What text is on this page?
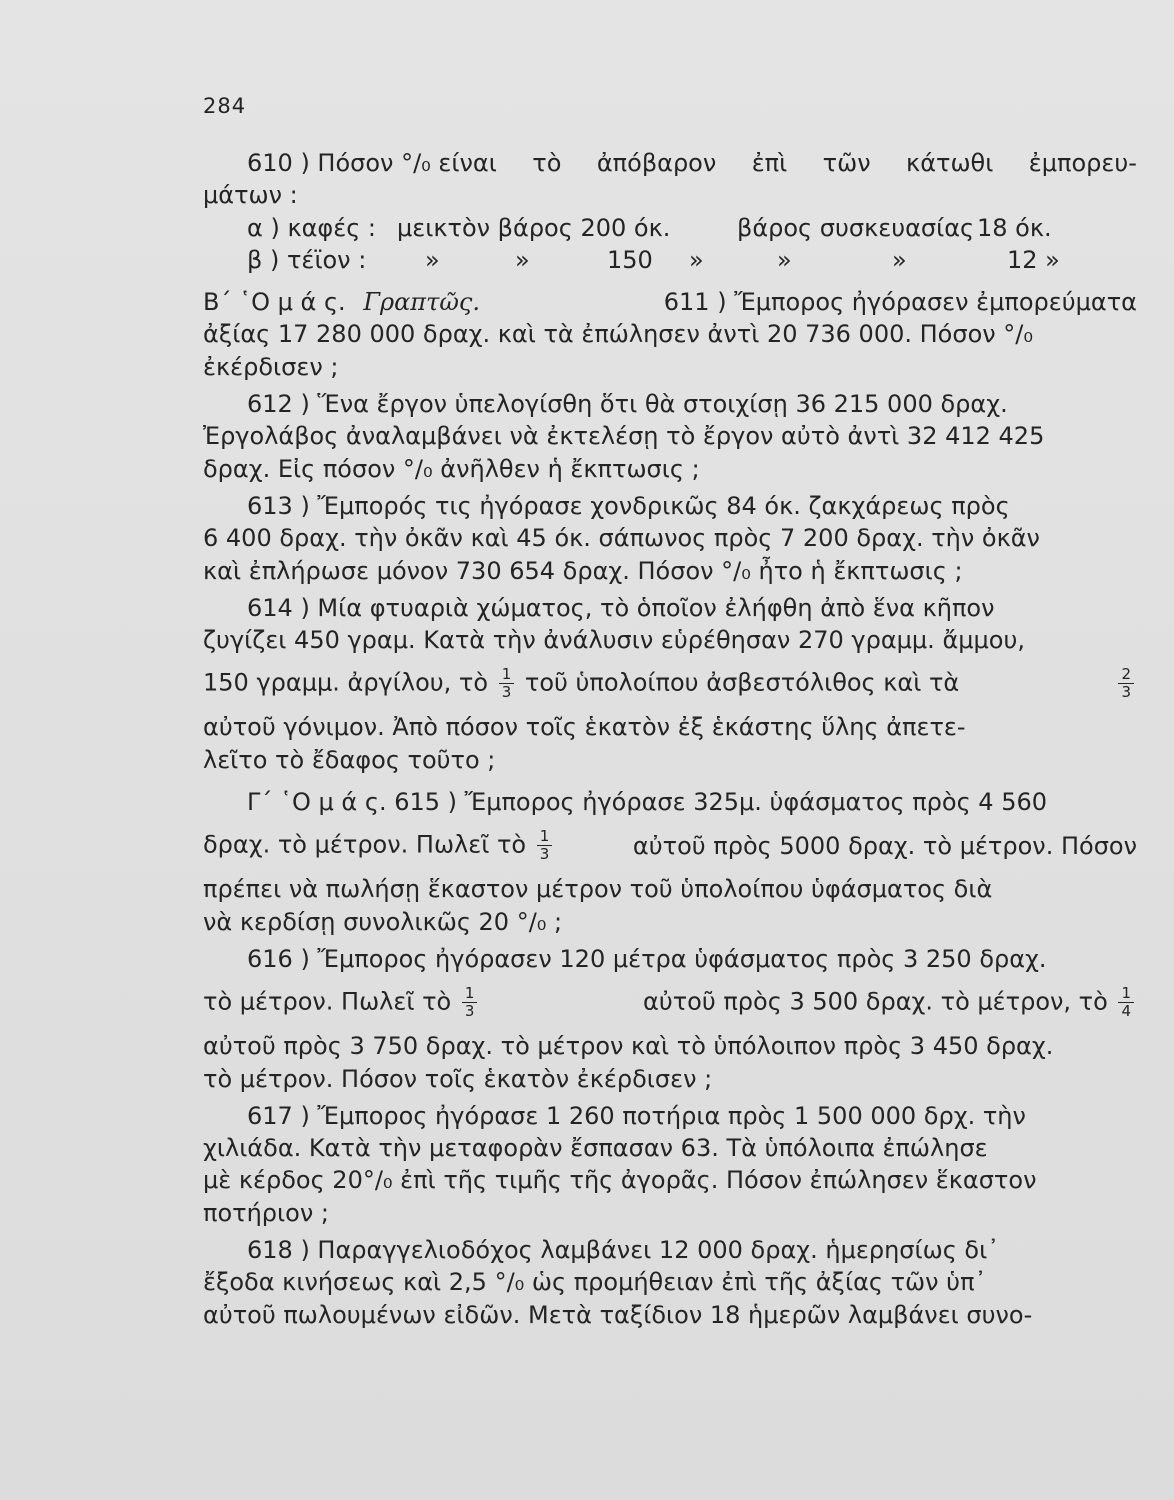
284
610 ) Πόσον °/₀ είναι τὸ ἀπόβαρον ἐπὶ τῶν κάτωθι ἐμπορευ-
μάτων :
α ) καφές : μεικτὸν βάρος 200 όκ.	βάρος συσκευασίας 18 όκ.
β ) τέϊον :	»	»	150	»	»	»	12 »
Β΄ ῾Ο μ ά ς. Γραπτῶς.	611 ) Ἔμπορος ἠγόρασεν ἐμπορεύματα
ἀξίας 17 280 000 δραχ. καὶ τὰ ἐπώλησεν ἀντὶ 20 736 000. Πόσον °/₀
ἐκέρδισεν ;
612 ) Ἕνα ἔργον ὑπελογίσθη ὅτι θὰ στοιχίσῃ 36 215 000 δραχ.
Ἐργολάβος ἀναλαμβάνει νὰ ἐκτελέσῃ τὸ ἔργον αὐτὸ ἀντὶ 32 412 425
δραχ. Εἰς πόσον °/₀ ἀνῆλθεν ἡ ἔκπτωσις ;
613 ) Ἔμπορός τις ἠγόρασε χονδρικῶς 84 όκ. ζακχάρεως πρὸς
6 400 δραχ. τὴν ὀκᾶν καὶ 45 όκ. σάπωνος πρὸς 7 200 δραχ. τὴν ὀκᾶν
καὶ ἐπλήρωσε μόνον 730 654 δραχ. Πόσον °/₀ ἦτο ἡ ἔκπτωσις ;
614 ) Μία φτυαριὰ χώματος, τὸ ὁποῖον ἐλήφθη ἀπὸ ἕνα κῆπον
ζυγίζει 450 γραμ. Κατὰ τὴν ἀνάλυσιν εὑρέθησαν 270 γραμμ. ἄμμου,
150 γραμμ. ἀργίλου, τὸ $\frac{1}{3}$ τοῦ ὑπολοίπου ἀσβεστόλιθος καὶ τὰ	$\frac{2}{3}$
αὐτοῦ γόνιμον. Ἀπὸ πόσον τοῖς ἑκατὸν ἐξ ἑκάστης ὕλης ἀπετε-
λεῖτο τὸ ἔδαφος τοῦτο ;
Γ΄ ῾Ο μ ά ς. 615 ) Ἔμπορος ἠγόρασε 325μ. ὑφάσματος πρὸς 4 560
δραχ. τὸ μέτρον. Πωλεῖ τὸ $\frac{1}{3}$	αὐτοῦ πρὸς 5000 δραχ. τὸ μέτρον. Πόσον
πρέπει νὰ πωλήσῃ ἕκαστον μέτρον τοῦ ὑπολοίπου ὑφάσματος διὰ
νὰ κερδίσῃ συνολικῶς 20 °/₀ ;
616 ) Ἔμπορος ἠγόρασεν 120 μέτρα ὑφάσματος πρὸς 3 250 δραχ.
τὸ μέτρον. Πωλεῖ τὸ $\frac{1}{3}$	αὐτοῦ πρὸς 3 500 δραχ. τὸ μέτρον, τὸ $\frac{1}{4}$
αὐτοῦ πρὸς 3 750 δραχ. τὸ μέτρον καὶ τὸ ὑπόλοιπον πρὸς 3 450 δραχ.
τὸ μέτρον. Πόσον τοῖς ἑκατὸν ἐκέρδισεν ;
617 ) Ἔμπορος ἠγόρασε 1 260 ποτήρια πρὸς 1 500 000 δρχ. τὴν
χιλιάδα. Κατὰ τὴν μεταφορὰν ἔσπασαν 63. Τὰ ὑπόλοιπα ἐπώλησε
μὲ κέρδος 20°/₀ ἐπὶ τῆς τιμῆς τῆς ἀγορᾶς. Πόσον ἐπώλησεν ἕκαστον
ποτήριον ;
618 ) Παραγγελιοδόχος λαμβάνει 12 000 δραχ. ἡμερησίως δι᾿
ἔξοδα κινήσεως καὶ 2,5 °/₀ ὡς προμήθειαν ἐπὶ τῆς ἀξίας τῶν ὑπ᾿
αὐτοῦ πωλουμένων εἰδῶν. Μετὰ ταξίδιον 18 ἡμερῶν λαμβάνει συνο-
